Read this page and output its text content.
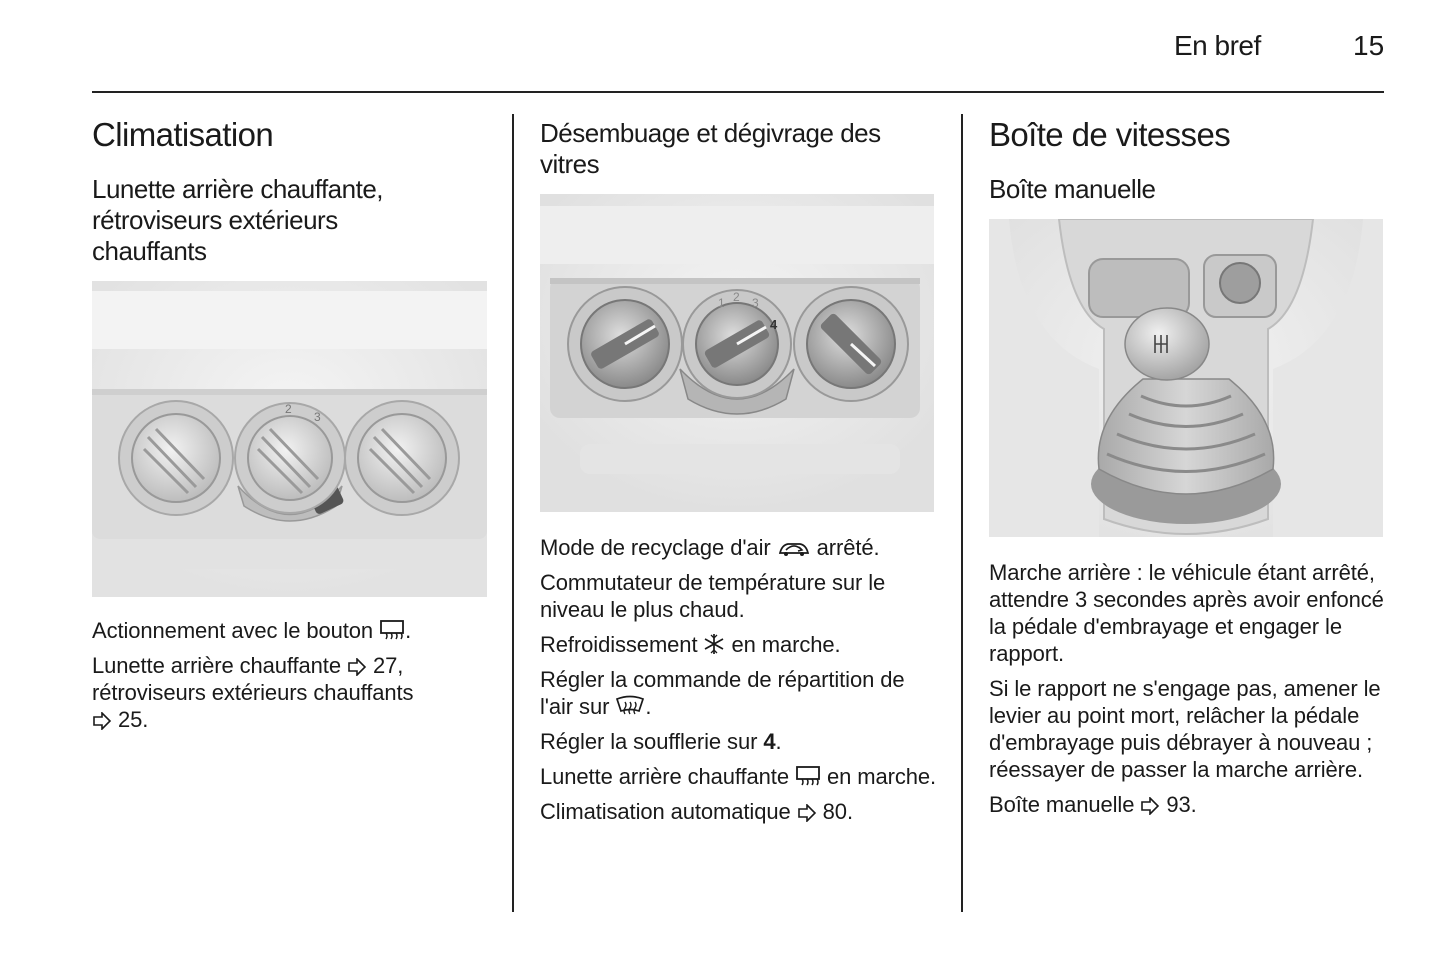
En bref	15
Climatisation
Lunette arrière chauffante, rétroviseurs extérieurs chauffants
2
3

Actionnement avec le bouton .

Lunette arrière chauffante 27,
rétroviseurs extérieurs chauffants

25.

Désembuage et dégivrage des vitres
1 2 3
4

Mode de recyclage d'air arrêté.

Commutateur de température sur le niveau le plus chaud.

Refroidissement en marche.

Régler la commande de répartition de l'air sur .

Régler la soufflerie sur 4.

Lunette arrière chauffante en marche.

Climatisation automatique 80.

Boîte de vitesses
Boîte manuelle

Marche arrière : le véhicule étant arrêté, attendre 3 secondes après avoir enfoncé la pédale d'embrayage et engager le rapport.

Si le rapport ne s'engage pas, amener le levier au point mort, relâcher la pédale d'embrayage puis débrayer à nouveau ; réessayer de passer la marche arrière.

Boîte manuelle 93.
